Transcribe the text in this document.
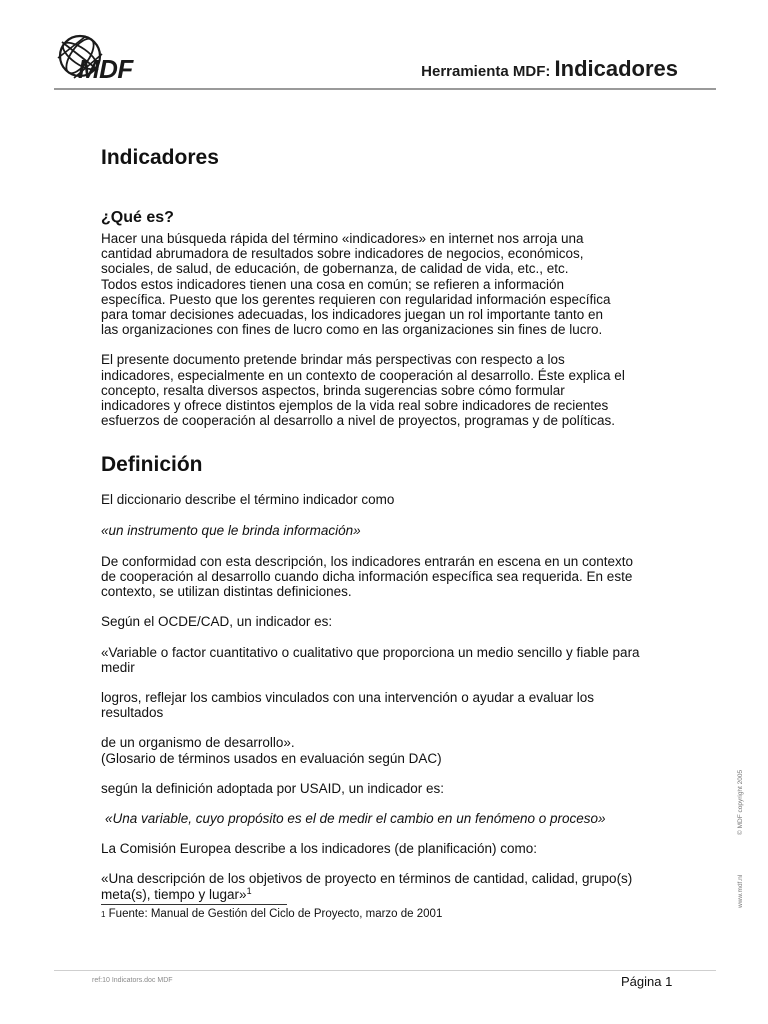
MDF	Herramienta MDF: Indicadores
Indicadores
¿Qué es?

Hacer una búsqueda rápida del término «indicadores» en internet nos arroja una
cantidad abrumadora de resultados sobre indicadores de negocios, económicos,
sociales, de salud, de educación, de gobernanza, de calidad de vida, etc., etc.
Todos estos indicadores tienen una cosa en común; se refieren a información
específica. Puesto que los gerentes requieren con regularidad información específica
para tomar decisiones adecuadas, los indicadores juegan un rol importante tanto en
las organizaciones con fines de lucro como en las organizaciones sin fines de lucro.

El presente documento pretende brindar más perspectivas con respecto a los
indicadores, especialmente en un contexto de cooperación al desarrollo. Éste explica el
concepto, resalta diversos aspectos, brinda sugerencias sobre cómo formular
indicadores y ofrece distintos ejemplos de la vida real sobre indicadores de recientes
esfuerzos de cooperación al desarrollo a nivel de proyectos, programas y de políticas.

Definición

El diccionario describe el término indicador como

«un instrumento que le brinda información»

De conformidad con esta descripción, los indicadores entrarán en escena en un contexto
de cooperación al desarrollo cuando dicha información específica sea requerida. En este
contexto, se utilizan distintas definiciones.

Según el OCDE/CAD, un indicador es:

«Variable o factor cuantitativo o cualitativo que proporciona un medio sencillo y fiable para
medir

logros, reflejar los cambios vinculados con una intervención o ayudar a evaluar los
resultados

de un organismo de desarrollo».
(Glosario de términos usados en evaluación según DAC)

según la definición adoptada por USAID, un indicador es:

«Una variable, cuyo propósito es el de medir el cambio en un fenómeno o proceso»

La Comisión Europea describe a los indicadores (de planificación) como:

«Una descripción de los objetivos de proyecto en términos de cantidad, calidad, grupo(s)
meta(s), tiempo y lugar»$^1$

1 Fuente: Manual de Gestión del Ciclo de Proyecto, marzo de 2001

© MDF copyright 2005
www.mdf.nl
ref:10 Indicators.doc MDF	Página 1
